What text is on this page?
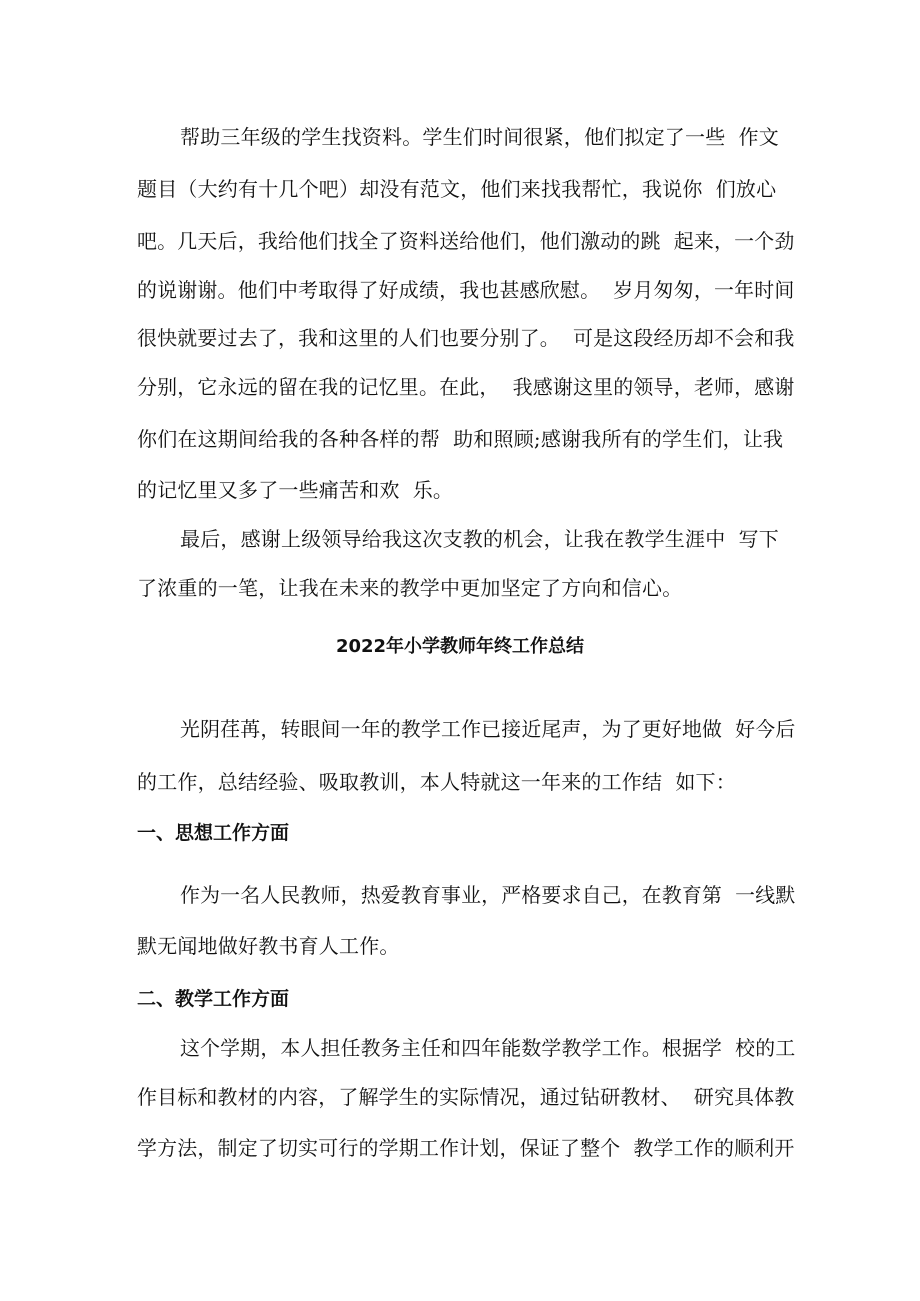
帮助三年级的学生找资料。学生们时间很紧，他们拟定了一些  作文
题目（大约有十几个吧）却没有范文，他们来找我帮忙，我说你  们放心
吧。几天后，我给他们找全了资料送给他们，他们激动的跳  起来，一个劲
的说谢谢。他们中考取得了好成绩，我也甚感欣慰。  岁月匆匆，一年时间
很快就要过去了，我和这里的人们也要分别了。  可是这段经历却不会和我
分别，它永远的留在我的记忆里。在此，  我感谢这里的领导，老师，感谢
你们在这期间给我的各种各样的帮  助和照顾;感谢我所有的学生们，让我
的记忆里又多了一些痛苦和欢  乐。
最后，感谢上级领导给我这次支教的机会，让我在教学生涯中  写下
了浓重的一笔，让我在未来的教学中更加坚定了方向和信心。
2022年小学教师年终工作总结
光阴荏苒，转眼间一年的教学工作已接近尾声，为了更好地做  好今后
的工作，总结经验、吸取教训，本人特就这一年来的工作结  如下：
一、思想工作方面
作为一名人民教师，热爱教育事业，严格要求自己，在教育第  一线默
默无闻地做好教书育人工作。
二、教学工作方面
这个学期，本人担任教务主任和四年能数学教学工作。根据学  校的工
作目标和教材的内容，了解学生的实际情况，通过钻研教材、  研究具体教
学方法，制定了切实可行的学期工作计划，保证了整个  教学工作的顺利开
